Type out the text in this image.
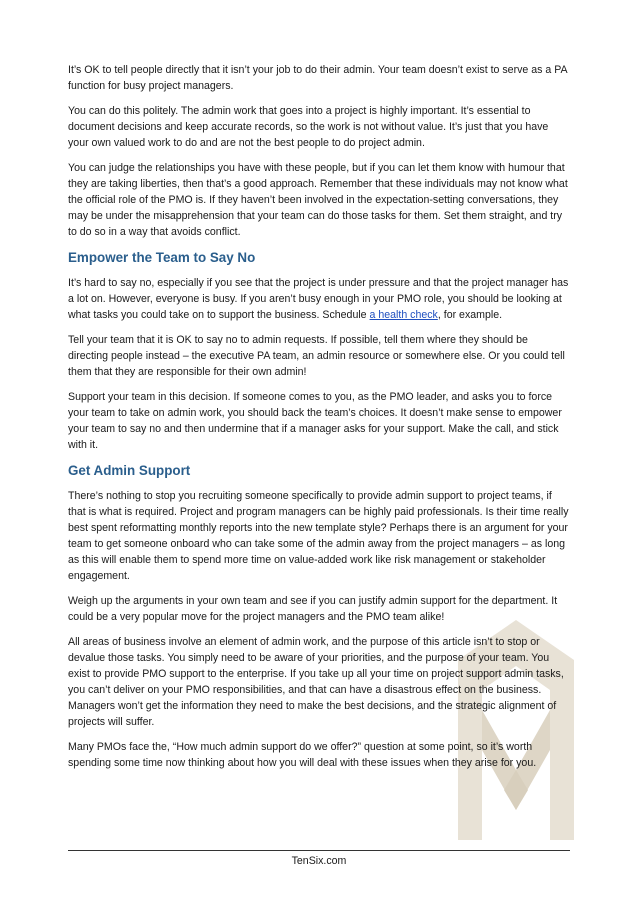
It’s OK to tell people directly that it isn’t your job to do their admin. Your team doesn’t exist to serve as a PA function for busy project managers.

You can do this politely. The admin work that goes into a project is highly important. It’s essential to document decisions and keep accurate records, so the work is not without value. It’s just that you have your own valued work to do and are not the best people to do project admin.

You can judge the relationships you have with these people, but if you can let them know with humour that they are taking liberties, then that’s a good approach. Remember that these individuals may not know what the official role of the PMO is. If they haven’t been involved in the expectation-setting conversations, they may be under the misapprehension that your team can do those tasks for them. Set them straight, and try to do so in a way that avoids conflict.

Empower the Team to Say No

It’s hard to say no, especially if you see that the project is under pressure and that the project manager has a lot on. However, everyone is busy. If you aren’t busy enough in your PMO role, you should be looking at what tasks you could take on to support the business. Schedule a health check, for example.

Tell your team that it is OK to say no to admin requests. If possible, tell them where they should be directing people instead – the executive PA team, an admin resource or somewhere else. Or you could tell them that they are responsible for their own admin!

Support your team in this decision. If someone comes to you, as the PMO leader, and asks you to force your team to take on admin work, you should back the team’s choices. It doesn’t make sense to empower your team to say no and then undermine that if a manager asks for your support. Make the call, and stick with it.

Get Admin Support

There’s nothing to stop you recruiting someone specifically to provide admin support to project teams, if that is what is required. Project and program managers can be highly paid professionals. Is their time really best spent reformatting monthly reports into the new template style? Perhaps there is an argument for your team to get someone onboard who can take some of the admin away from the project managers – as long as this will enable them to spend more time on value-added work like risk management or stakeholder engagement.

Weigh up the arguments in your own team and see if you can justify admin support for the department. It could be a very popular move for the project managers and the PMO team alike!

All areas of business involve an element of admin work, and the purpose of this article isn’t to stop or devalue those tasks. You simply need to be aware of your priorities, and the purpose of your team. You exist to provide PMO support to the enterprise. If you take up all your time on project support admin tasks, you can’t deliver on your PMO responsibilities, and that can have a disastrous effect on the business. Managers won’t get the information they need to make the best decisions, and the strategic alignment of projects will suffer.

Many PMOs face the, “How much admin support do we offer?” question at some point, so it’s worth spending some time now thinking about how you will deal with these issues when they arise for you.

TenSix.com
